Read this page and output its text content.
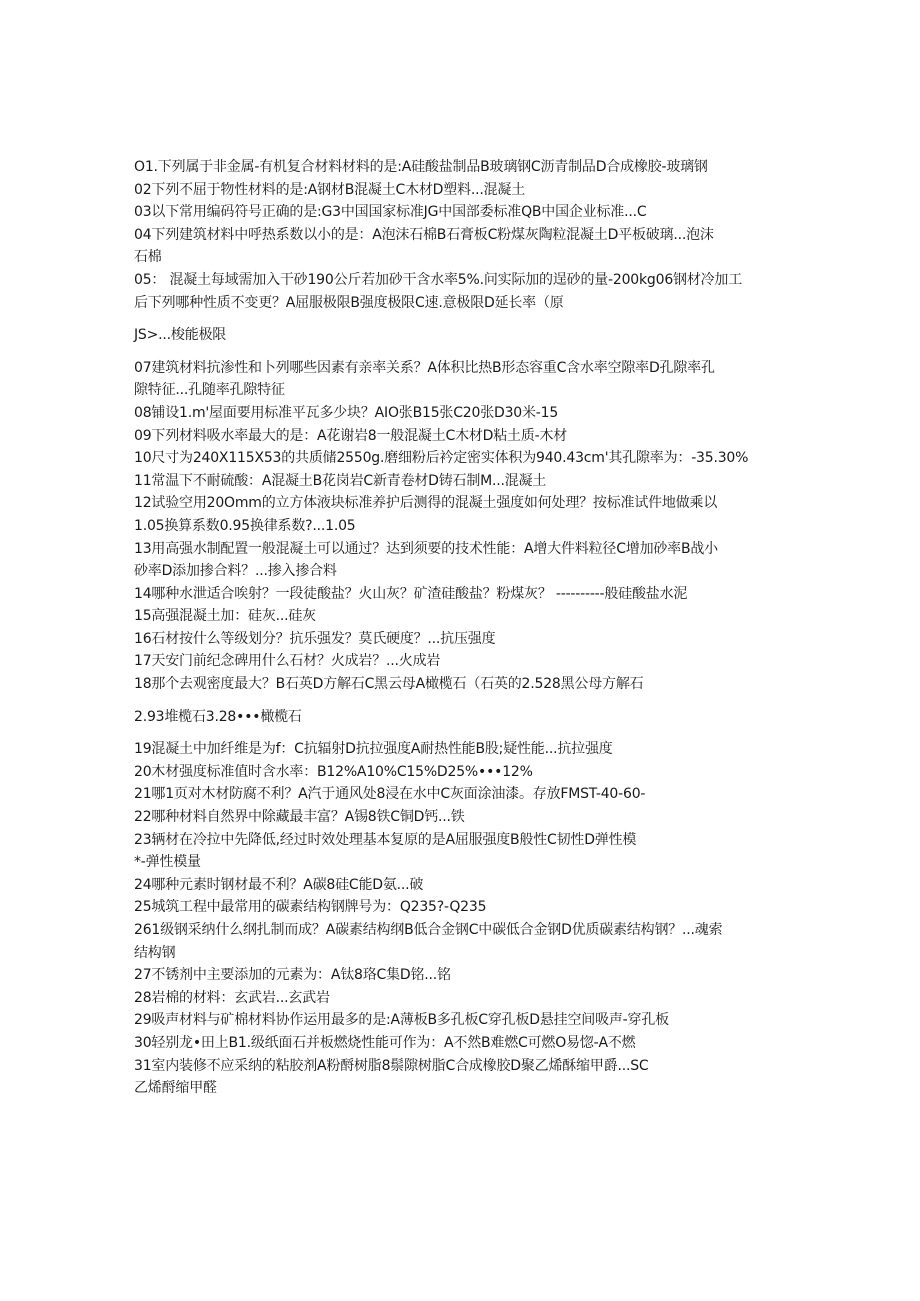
O1.下列属于非金属-有机复合材料材料的是:A硅酸盐制品B玻璃钢C沥青制品D合成橡胶-玻璃钢
02下列不屈于物性材料的是:A钢材B混凝土C木材D塑料...混凝土
03以下常用编码符号正确的是:G3中国国家标准JG中国部委标准QB中国企业标准...C
04下列建筑材料中呼热系数以小的是：A泡沫石棉B石膏板C粉煤灰陶粒混凝土D平板破璃...泡沫
石棉
05： 混凝土每域需加入干砂190公斤若加砂干含水率5%.问实际加的逞砂的量-200kg06钢材冷加工
后下列哪种性质不变更？A屈服极限B强度极限C速.意极限D延长率（原
JS>...梭能极限
07建筑材料抗渗性和卜列哪些因素有亲率关系？A体积比热B形态容重C含水率空隙率D孔隙率孔
隙特征...孔随率孔隙特征
08铺设1.m'屋面要用标准平瓦多少块？AIO张B15张C20张D30米-15
09下列材料吸水率最大的是：A花谢岩8一般混凝土C木材D粘土质-木材
10尺寸为240X115X53的共质储2550g.磨细粉后衿定密实体积为940.43cm'其孔隙率为：-35.30%
11常温下不耐硫酸：A混凝土B花岗岩C新青卷材D铸石制M...混凝土
12试验空用20Omm的立方体液块标准养护后测得的混凝土强度如何处理？按标准试件地做乘以
1.05换算系数0.95换律系数?...1.05
13用高强水制配置一般混凝土可以通过？达到须要的技术性能：A增大件料粒径C增加砂率B战小
砂率D添加掺合料？...掺入掺合料
14哪种水泄适合唉射？一段徒酸盐？火山灰？矿渣硅酸盐？粉煤灰？ ----------般硅酸盐水泥
15高强混凝土加：硅灰...硅灰
16石材按什么等级划分？抗乐强发？莫氏硬度？...抗压强度
17天安门前纪念碑用什么石材？火成岩？...火成岩
18那个去观密度最大？B石英D方解石C黑云母A橄榄石（石英的2.528黑公母方解石
2.93堆榄石3.28•••橄榄石
19混凝土中加纤维是为f：C抗辐射D抗拉强度A耐热性能B股;疑性能...抗拉强度
20木材强度标准值时含水率：B12%A10%C15%D25%•••12%
21哪1页对木材防腐不利？A汽于通风处8浸在水中C灰面涂油漆。存放FMST-40-60-
22哪种材料自然界中除藏最丰富？A锡8铁C铜D钙...铁
23辆材在冷拉中先降低,经过时效处理基本复原的是A屈服强度B般性C韧性D弹性模
*-弹性模量
24哪种元素时钢材最不利？A碳8硅C能D氨...破
25城筑工程中最常用的碳素结构钢牌号为：Q235?-Q235
261级钢采纳什么纲扎制而成？A碳素结构纲B低合金钢C中碳低合金钢D优质碳素结构钢？...魂索
结构钢
27不锈剂中主要添加的元素为：A钛8珞C集D铭...铭
28岩棉的材料：玄武岩...玄武岩
29吸声材料与矿棉材料协作运用最多的是:A薄板B多孔板C穿孔板D悬挂空间吸声-穿孔板
30轻别龙•田上B1.级纸面石并板燃烧性能可作为：A不然B难燃C可燃O易惚-A不燃
31室内装修不应采纳的粘胶剂A粉酹树脂8鬃隙树脂C合成橡胶D聚乙烯酥缩甲爵...SC
乙烯酹缩甲醛
